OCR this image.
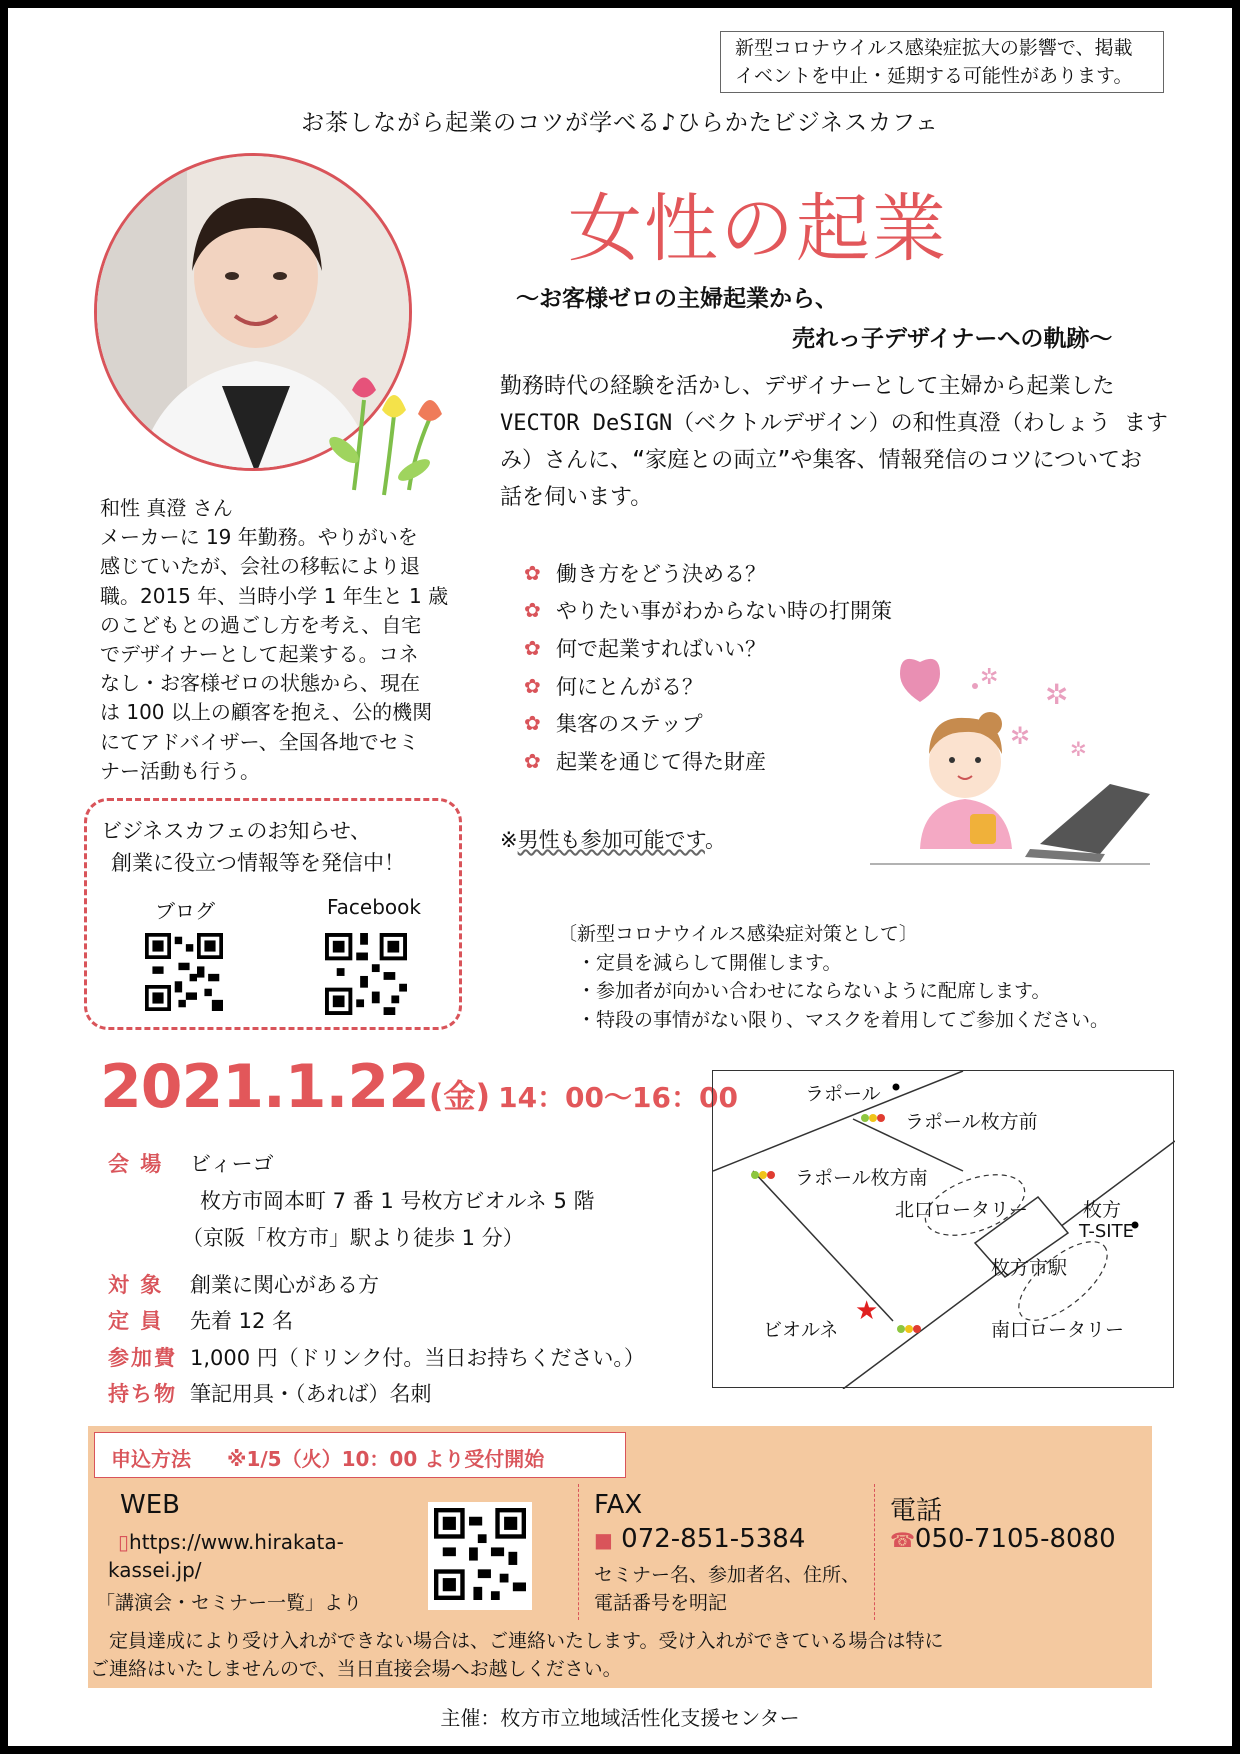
新型コロナウイルス感染症拡大の影響で、掲載
イベントを中止・延期する可能性があります。
お茶しながら起業のコツが学べる♪ひらかたビジネスカフェ
女性の起業
～お客様ゼロの主婦起業から、
売れっ子デザイナーへの軌跡～
勤務時代の経験を活かし、デザイナーとして主婦から起業した
VECTOR DeSIGN（ベクトルデザイン）の和性真澄（わしょう ます
み）さんに、“家庭との両立”や集客、情報発信のコツについてお
話を伺います。
和性 真澄 さん
メーカーに 19 年勤務。やりがいを
感じていたが、会社の移転により退
職。2015 年、当時小学 1 年生と 1 歳
のこどもとの過ごし方を考え、自宅
でデザイナーとして起業する。コネ
なし・お客様ゼロの状態から、現在
は 100 以上の顧客を抱え、公的機関
にてアドバイザー、全国各地でセミ
ナー活動も行う。
✿ 働き方をどう決める？
✿ やりたい事がわからない時の打開策
✿ 何で起業すればいい？
✿ 何にとんがる？
✿ 集客のステップ
✿ 起業を通じて得た財産
✲
✲
✲ ✲
※男性も参加可能です。
ビジネスカフェのお知らせ、
創業に役立つ情報等を発信中！
ブログ	Facebook
〔新型コロナウイルス感染症対策として〕
　・定員を減らして開催します。
　・参加者が向かい合わせにならないように配席します。
　・特段の事情がない限り、マスクを着用してご参加ください。
2021.1.22(金) 14：00～16：00
会 場 ビィーゴ
枚方市岡本町 7 番 1 号枚方ビオルネ 5 階
（京阪「枚方市」駅より徒歩 1 分）
対 象 創業に関心がある方
定 員 先着 12 名
参加費 1,000 円（ドリンク付。当日お持ちください。）
持ち物 筆記用具・（あれば）名刺
★
ラポール
ラポール枚方前
ラポール枚方南
北口ロータリー	枚方
T-SITE
枚方市駅
ビオルネ	南口ロータリー
申込方法 ※1/5（火）10：00 より受付開始
WEB
▯https://www.hirakata-
kassei.jp/
「講演会・セミナー一覧」より
FAX
■ 072-851-5384
セミナー名、参加者名、住所、
電話番号を明記
電話
☎050-7105-8080
　定員達成により受け入れができない場合は、ご連絡いたします。受け入れができている場合は特に
ご連絡はいたしませんので、当日直接会場へお越しください。
主催：枚方市立地域活性化支援センター
